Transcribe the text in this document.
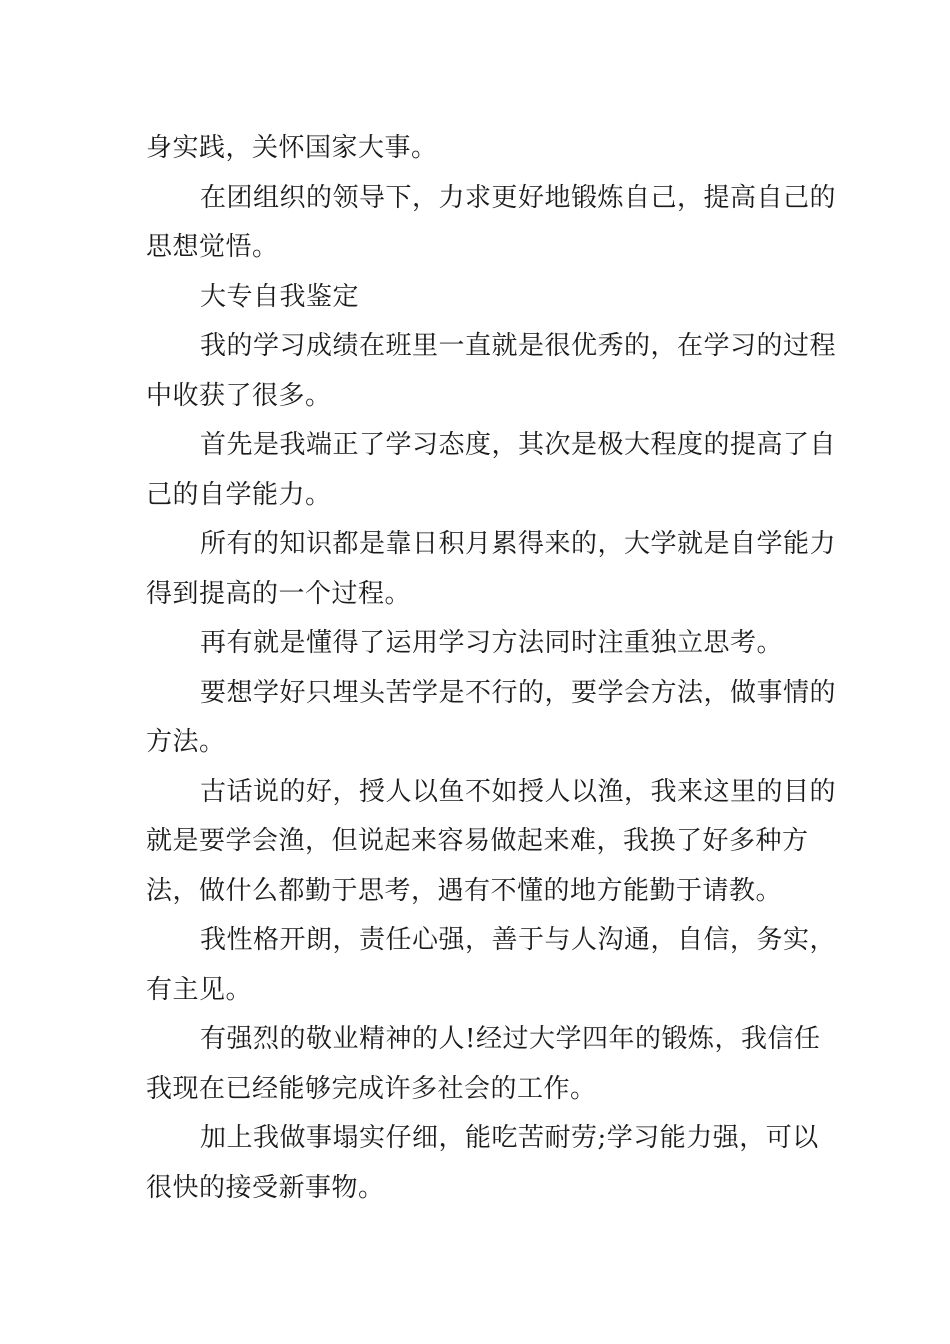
身实践，关怀国家大事。

在团组织的领导下，力求更好地锻炼自己，提高自己的思想觉悟。

大专自我鉴定

我的学习成绩在班里一直就是很优秀的，在学习的过程中收获了很多。

首先是我端正了学习态度，其次是极大程度的提高了自己的自学能力。

所有的知识都是靠日积月累得来的，大学就是自学能力得到提高的一个过程。

再有就是懂得了运用学习方法同时注重独立思考。

要想学好只埋头苦学是不行的，要学会方法，做事情的方法。

古话说的好，授人以鱼不如授人以渔，我来这里的目的就是要学会渔，但说起来容易做起来难，我换了好多种方法，做什么都勤于思考，遇有不懂的地方能勤于请教。

我性格开朗，责任心强，善于与人沟通，自信，务实，有主见。

有强烈的敬业精神的人!经过大学四年的锻炼，我信任我现在已经能够完成许多社会的工作。

加上我做事塌实仔细，能吃苦耐劳;学习能力强，可以很快的接受新事物。
